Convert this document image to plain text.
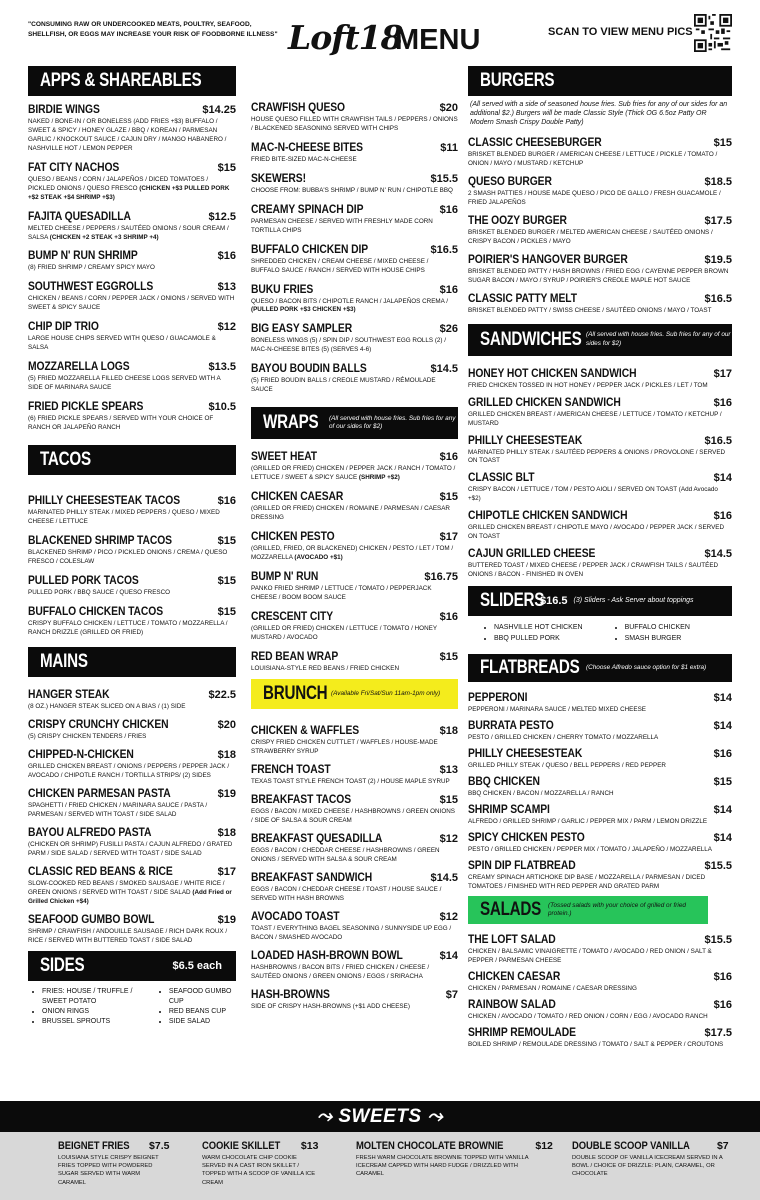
"CONSUMING RAW OR UNDERCOOKED MEATS, POULTRY, SEAFOOD, SHELLFISH, OR EGGS MAY INCREASE YOUR RISK OF FOODBORNE ILLNESS" Loft18
MENU	SCAN TO VIEW MENU PICS
APPS & SHAREABLES
BIRDIE WINGS	$14.25
NAKED / BONE-IN / OR BONELESS (ADD FRIES +$3) BUFFALO / SWEET & SPICY / HONEY GLAZE / BBQ / KOREAN / PARMESAN GARLIC / KNOCKOUT SAUCE / CAJUN DRY / MANGO HABANERO / NASHVILLE HOT / LEMON PEPPER
FAT CITY NACHOS	$15
QUESO / BEANS / CORN / JALAPEÑOS / DICED TOMATOES / PICKLED ONIONS / QUESO FRESCO (CHICKEN +$3 PULLED PORK +$2 STEAK +$4 SHRIMP +$3)
FAJITA QUESADILLA	$12.5
MELTED CHEESE / PEPPERS / SAUTÉED ONIONS / SOUR CREAM / SALSA (CHICKEN +2 STEAK +3 SHRIMP +4)
BUMP N' RUN SHRIMP	$16
(8) FRIED SHRIMP / CREAMY SPICY MAYO
SOUTHWEST EGGROLLS	$13
CHICKEN / BEANS / CORN / PEPPER JACK / ONIONS / SERVED WITH SWEET & SPICY SAUCE
CHIP DIP TRIO	$12
LARGE HOUSE CHIPS SERVED WITH QUESO / GUACAMOLE & SALSA
MOZZARELLA LOGS	$13.5
(5) FRIED MOZZARELLA FILLED CHEESE LOGS SERVED WITH A SIDE OF MARINARA SAUCE
FRIED PICKLE SPEARS	$10.5
(6) FRIED PICKLE SPEARS / SERVED WITH YOUR CHOICE OF RANCH OR JALAPEÑO RANCH
TACOS
PHILLY CHEESESTEAK TACOS	$16
MARINATED PHILLY STEAK / MIXED PEPPERS / QUESO / MIXED CHEESE / LETTUCE
BLACKENED SHRIMP TACOS	$15
BLACKENED SHRIMP / PICO / PICKLED ONIONS / CREMA / QUESO FRESCO / COLESLAW
PULLED PORK TACOS	$15
PULLED PORK / BBQ SAUCE / QUESO FRESCO
BUFFALO CHICKEN TACOS	$15
CRISPY BUFFALO CHICKEN / LETTUCE / TOMATO / MOZZARELLA / RANCH DRIZZLE (GRILLED OR FRIED)
MAINS
HANGER STEAK	$22.5
(8 OZ.) HANGER STEAK SLICED ON A BIAS / (1) SIDE
CRISPY CRUNCHY CHICKEN	$20
(5) CRISPY CHICKEN TENDERS / FRIES
CHIPPED-N-CHICKEN	$18
GRILLED CHICKEN BREAST / ONIONS / PEPPERS / PEPPER JACK / AVOCADO / CHIPOTLE RANCH / TORTILLA STRIPS/ (2) SIDES
CHICKEN PARMESAN PASTA	$19
SPAGHETTI / FRIED CHICKEN / MARINARA SAUCE / PASTA / PARMESAN / SERVED WITH TOAST / SIDE SALAD
BAYOU ALFREDO PASTA	$18
(CHICKEN OR SHRIMP) FUSILLI PASTA / CAJUN ALFREDO / GRATED PARM / SIDE SALAD / SERVED WITH TOAST / SIDE SALAD
CLASSIC RED BEANS & RICE	$17
SLOW-COOKED RED BEANS / SMOKED SAUSAGE / WHITE RICE / GREEN ONIONS / SERVED WITH TOAST / SIDE SALAD (Add Fried or Grilled Chicken +$4)
SEAFOOD GUMBO BOWL	$19
SHRIMP / CRAWFISH / ANDOUILLE SAUSAGE / RICH DARK ROUX / RICE / SERVED WITH BUTTERED TOAST / SIDE SALAD
SIDES	$6.5 each
• FRIES: HOUSE / TRUFFLE / SWEET POTATO
• ONION RINGS
• BRUSSEL SPROUTS
• SEAFOOD GUMBO CUP
• RED BEANS CUP
• SIDE SALAD
CRAWFISH QUESO	$20
HOUSE QUESO FILLED WITH CRAWFISH TAILS / PEPPERS / ONIONS / BLACKENED SEASONING SERVED WITH CHIPS
MAC-N-CHEESE BITES	$11
FRIED BITE-SIZED MAC-N-CHEESE
SKEWERS!	$15.5
CHOOSE FROM: BUBBA'S SHRIMP / BUMP N' RUN / CHIPOTLE BBQ
CREAMY SPINACH DIP	$16
PARMESAN CHEESE / SERVED WITH FRESHLY MADE CORN TORTILLA CHIPS
BUFFALO CHICKEN DIP	$16.5
SHREDDED CHICKEN / CREAM CHEESE / MIXED CHEESE / BUFFALO SAUCE / RANCH / SERVED WITH HOUSE CHIPS
BUKU FRIES	$16
QUESO / BACON BITS / CHIPOTLE RANCH / JALAPEÑOS CREMA / (PULLED PORK +$3 CHICKEN +$3)
BIG EASY SAMPLER	$26
BONELESS WINGS (5) / SPIN DIP / SOUTHWEST EGG ROLLS (2) / MAC-N-CHEESE BITES (5) (SERVES 4-6)
BAYOU BOUDIN BALLS	$14.5
(5) FRIED BOUDIN BALLS / CREOLE MUSTARD / RÉMOULADE SAUCE
WRAPS (All served with house fries. Sub fries for any of our sides for $2)
SWEET HEAT	$16
(GRILLED OR FRIED) CHICKEN / PEPPER JACK / RANCH / TOMATO / LETTUCE / SWEET & SPICY SAUCE (SHRIMP +$2)
CHICKEN CAESAR	$15
(GRILLED OR FRIED) CHICKEN / ROMAINE / PARMESAN / CAESAR DRESSING
CHICKEN PESTO	$17
(GRILLED, FRIED, OR BLACKENED) CHICKEN / PESTO / LET / TOM / MOZZARELLA (AVOCADO +$1)
BUMP N' RUN	$16.75
PANKO FRIED SHRIMP / LETTUCE / TOMATO / PEPPERJACK CHEESE / BOOM BOOM SAUCE
CRESCENT CITY	$16
(GRILLED OR FRIED) CHICKEN / LETTUCE / TOMATO / HONEY MUSTARD / AVOCADO
RED BEAN WRAP	$15
LOUISIANA-STYLE RED BEANS / FRIED CHICKEN
BRUNCH (Available Fri/Sat/Sun 11am-1pm only)
CHICKEN & WAFFLES	$18
CRISPY FRIED CHICKEN CUTTLET / WAFFLES / HOUSE-MADE STRAWBERRY SYRUP
FRENCH TOAST	$13
TEXAS TOAST STYLE FRENCH TOAST (2) / HOUSE MAPLE SYRUP
BREAKFAST TACOS	$15
EGGS / BACON / MIXED CHEESE / HASHBROWNS / GREEN ONIONS / SIDE OF SALSA & SOUR CREAM
BREAKFAST QUESADILLA	$12
EGGS / BACON / CHEDDAR CHEESE / HASHBROWNS / GREEN ONIONS / SERVED WITH SALSA & SOUR CREAM
BREAKFAST SANDWICH	$14.5
EGGS / BACON / CHEDDAR CHEESE / TOAST / HOUSE SAUCE / SERVED WITH HASH BROWNS
AVOCADO TOAST	$12
TOAST / EVERYTHING BAGEL SEASONING / SUNNYSIDE UP EGG / BACON / SMASHED AVOCADO
LOADED HASH-BROWN BOWL	$14
HASHBROWNS / BACON BITS / FRIED CHICKEN / CHEESE / SAUTÉED ONIONS / GREEN ONIONS / EGGS / SRIRACHA
HASH-BROWNS	$7
SIDE OF CRISPY HASH-BROWNS (+$1 ADD CHEESE)
BURGERS
(All served with a side of seasoned house fries. Sub fries for any of our sides for an additional $2.) Burgers will be made Classic Style (Thick OG 6.5oz Patty OR Modern Smash Crispy Double Patty)
CLASSIC CHEESEBURGER	$15
BRISKET BLENDED BURGER / AMERICAN CHEESE / LETTUCE / PICKLE / TOMATO / ONION / MAYO / MUSTARD / KETCHUP
QUESO BURGER	$18.5
2 SMASH PATTIES / HOUSE MADE QUESO / PICO DE GALLO / FRESH GUACAMOLE / FRIED JALAPEÑOS
THE OOZY BURGER	$17.5
BRISKET BLENDED BURGER / MELTED AMERICAN CHEESE / SAUTÉED ONIONS / CRISPY BACON / PICKLES / MAYO
POIRIER'S HANGOVER BURGER	$19.5
BRISKET BLENDED PATTY / HASH BROWNS / FRIED EGG / CAYENNE PEPPER BROWN SUGAR BACON / MAYO / SYRUP / POIRIER'S CREOLE MAPLE HOT SAUCE
CLASSIC PATTY MELT	$16.5
BRISKET BLENDED PATTY / SWISS CHEESE / SAUTÉED ONIONS / MAYO / TOAST
SANDWICHES (All served with house fries. Sub fries for any of our sides for $2)
HONEY HOT CHICKEN SANDWICH	$17
FRIED CHICKEN TOSSED IN HOT HONEY / PEPPER JACK / PICKLES / LET / TOM
GRILLED CHICKEN SANDWICH	$16
GRILLED CHICKEN BREAST / AMERICAN CHEESE / LETTUCE / TOMATO / KETCHUP / MUSTARD
PHILLY CHEESESTEAK	$16.5
MARINATED PHILLY STEAK / SAUTÉED PEPPERS & ONIONS / PROVOLONE / SERVED ON TOAST
CLASSIC BLT	$14
CRISPY BACON / LETTUCE / TOM / PESTO AIOLI / SERVED ON TOAST (Add Avocado +$2)
CHIPOTLE CHICKEN SANDWICH	$16
GRILLED CHICKEN BREAST / CHIPOTLE MAYO / AVOCADO / PEPPER JACK / SERVED ON TOAST
CAJUN GRILLED CHEESE	$14.5
BUTTERED TOAST / MIXED CHEESE / PEPPER JACK / CRAWFISH TAILS / SAUTÉED ONIONS / BACON - FINISHED IN OVEN
SLIDERS
$16.5 (3) Sliders - Ask Server about toppings
• NASHVILLE HOT CHICKEN
• BBQ PULLED PORK
• BUFFALO CHICKEN
• SMASH BURGER
FLATBREADS (Choose Alfredo sauce option for $1 extra)
PEPPERONI	$14
PEPPERONI / MARINARA SAUCE / MELTED MIXED CHEESE
BURRATA PESTO	$14
PESTO / GRILLED CHICKEN / CHERRY TOMATO / MOZZARELLA
PHILLY CHEESESTEAK	$16
GRILLED PHILLY STEAK / QUESO / BELL PEPPERS / RED PEPPER
BBQ CHICKEN	$15
BBQ CHICKEN / BACON / MOZZARELLA / RANCH
SHRIMP SCAMPI	$14
ALFREDO / GRILLED SHRIMP / GARLIC / PEPPER MIX / PARM / LEMON DRIZZLE
SPICY CHICKEN PESTO	$14
PESTO / GRILLED CHICKEN / PEPPER MIX / TOMATO / JALAPEÑO / MOZZARELLA
SPIN DIP FLATBREAD	$15.5
CREAMY SPINACH ARTICHOKE DIP BASE / MOZZARELLA / PARMESAN / DICED TOMATOES / FINISHED WITH RED PEPPER AND GRATED PARM
SALADS (Tossed salads with your choice of grilled or fried protein.)
THE LOFT SALAD	$15.5
CHICKEN / BALSAMIC VINAIGRETTE / TOMATO / AVOCADO / RED ONION / SALT & PEPPER / PARMESAN CHEESE
CHICKEN CAESAR	$16
CHICKEN / PARMESAN / ROMAINE / CAESAR DRESSING
RAINBOW SALAD	$16
CHICKEN / AVOCADO / TOMATO / RED ONION / CORN / EGG / AVOCADO RANCH
SHRIMP REMOULADE	$17.5
BOILED SHRIMP / REMOULADE DRESSING / TOMATO / SALT & PEPPER / CROUTONS
⤳ SWEETS ⤳
BEIGNET FRIES $7.5
LOUISIANA STYLE CRISPY BEIGNET FRIES TOPPED WITH POWDERED SUGAR SERVED WITH WARM CARAMEL
COOKIE SKILLET $13
WARM CHOCOLATE CHIP COOKIE SERVED IN A CAST IRON SKILLET / TOPPED WITH A SCOOP OF VANILLA ICE CREAM
MOLTEN CHOCOLATE BROWNIE	$12
FRESH WARM CHOCOLATE BROWNIE TOPPED WITH VANILLA ICECREAM CAPPED WITH HARD FUDGE / DRIZZLED WITH CARAMEL
DOUBLE SCOOP VANILLA	$7
DOUBLE SCOOP OF VANILLA ICECREAM SERVED IN A BOWL / CHOICE OF DRIZZLE: PLAIN, CARAMEL, OR CHOCOLATE
